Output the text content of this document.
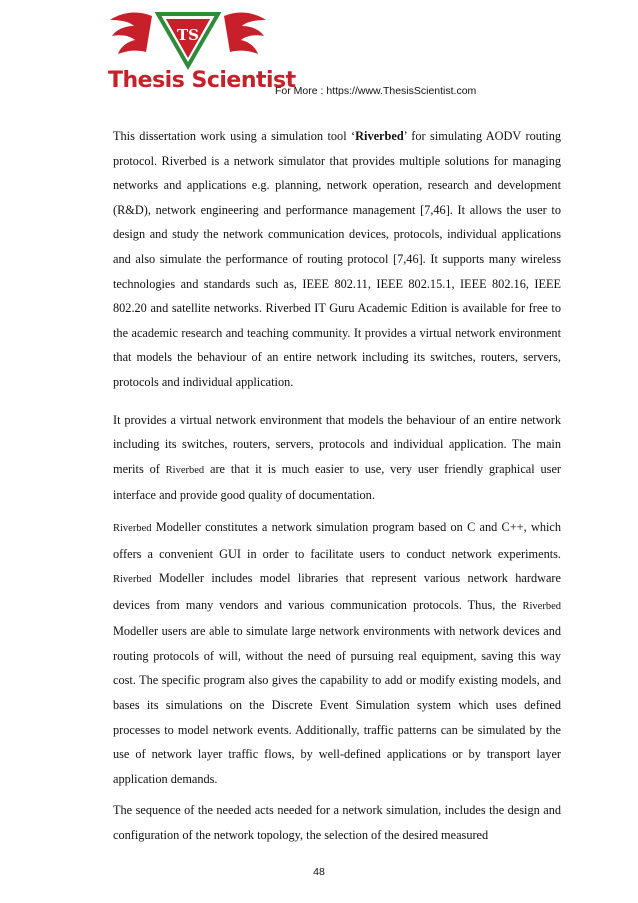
TS
Thesis Scientist
For More : https://www.ThesisScientist.com

This dissertation work using a simulation tool ‘Riverbed’ for simulating AODV routing protocol. Riverbed is a network simulator that provides multiple solutions for managing networks and applications e.g. planning, network operation, research and development (R&D), network engineering and performance management [7,46]. It allows the user to design and study the network communication devices, protocols, individual applications and also simulate the performance of routing protocol [7,46]. It supports many wireless technologies and standards such as, IEEE 802.11, IEEE 802.15.1, IEEE 802.16, IEEE 802.20 and satellite networks. Riverbed IT Guru Academic Edition is available for free to the academic research and teaching community. It provides a virtual network environment that models the behaviour of an entire network including its switches, routers, servers, protocols and individual application.

It provides a virtual network environment that models the behaviour of an entire network including its switches, routers, servers, protocols and individual application. The main merits of Riverbed are that it is much easier to use, very user friendly graphical user interface and provide good quality of documentation.

Riverbed Modeller constitutes a network simulation program based on C and C++, which offers a convenient GUI in order to facilitate users to conduct network experiments. Riverbed Modeller includes model libraries that represent various network hardware devices from many vendors and various communication protocols. Thus, the Riverbed Modeller users are able to simulate large network environments with network devices and routing protocols of will, without the need of pursuing real equipment, saving this way cost. The specific program also gives the capability to add or modify existing models, and bases its simulations on the Discrete Event Simulation system which uses defined processes to model network events. Additionally, traffic patterns can be simulated by the use of network layer traffic flows, by well-defined applications or by transport layer application demands.

The sequence of the needed acts needed for a network simulation, includes the design and configuration of the network topology, the selection of the desired measured

48
